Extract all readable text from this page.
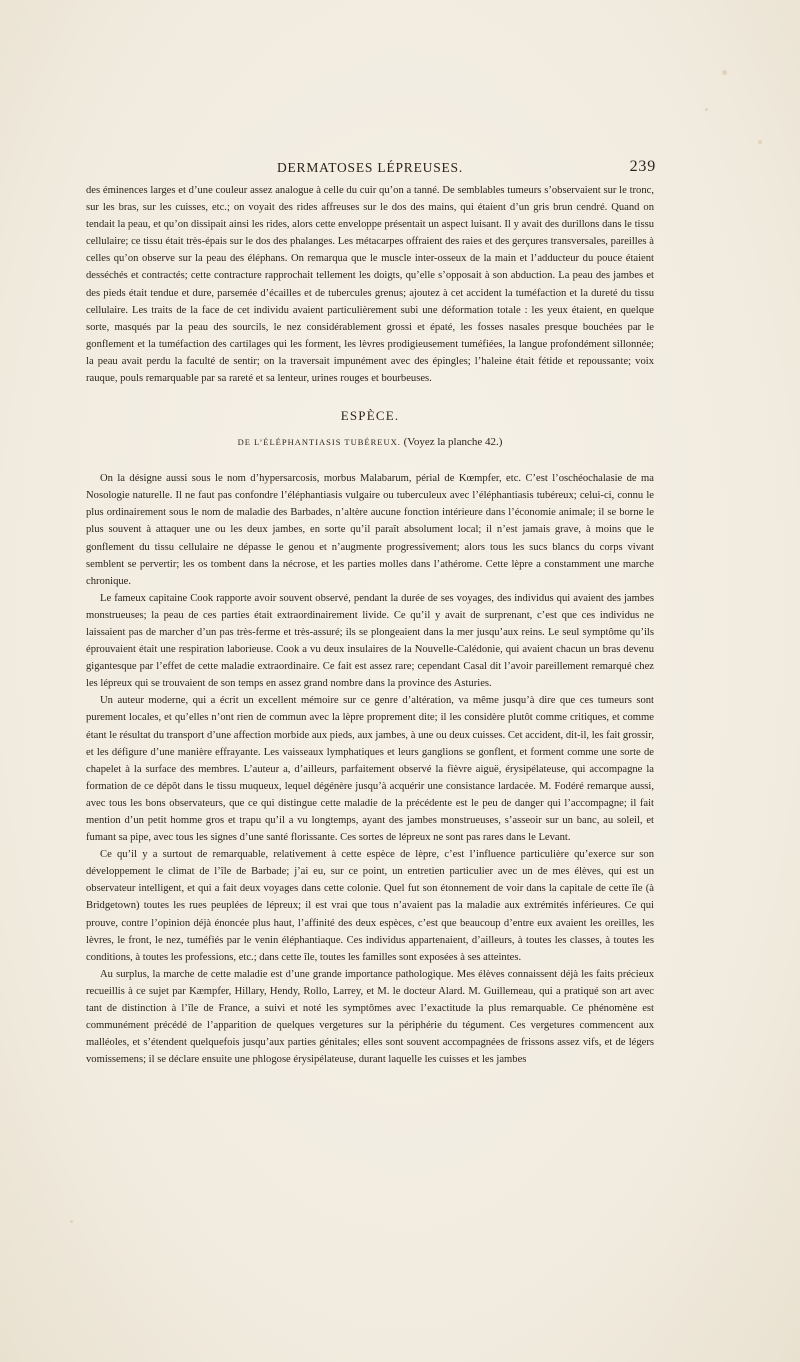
DERMATOSES LÉPREUSES.	239

des éminences larges et d’une couleur assez analogue à celle du cuir qu’on a tanné. De semblables tumeurs s’observaient sur le tronc, sur les bras, sur les cuisses, etc.; on voyait des rides affreuses sur le dos des mains, qui étaient d’un gris brun cendré. Quand on tendait la peau, et qu’on dissipait ainsi les rides, alors cette enveloppe présentait un aspect luisant. Il y avait des durillons dans le tissu cellulaire; ce tissu était très-épais sur le dos des phalanges. Les métacarpes offraient des raies et des gerçures transversales, pareilles à celles qu’on observe sur la peau des éléphans. On remarqua que le muscle inter-osseux de la main et l’adducteur du pouce étaient desséchés et contractés; cette contracture rapprochait tellement les doigts, qu’elle s’opposait à son abduction. La peau des jambes et des pieds était tendue et dure, parsemée d’écailles et de tubercules grenus; ajoutez à cet accident la tuméfaction et la dureté du tissu cellulaire. Les traits de la face de cet individu avaient particulièrement subi une déformation totale : les yeux étaient, en quelque sorte, masqués par la peau des sourcils, le nez considérablement grossi et épaté, les fosses nasales presque bouchées par le gonflement et la tuméfaction des cartilages qui les forment, les lèvres prodigieusement tuméfiées, la langue profondément sillonnée; la peau avait perdu la faculté de sentir; on la traversait impunément avec des épingles; l’haleine était fétide et repoussante; voix rauque, pouls remarquable par sa rareté et sa lenteur, urines rouges et bourbeuses.

ESPÈCE.
DE L’ÉLÉPHANTIASIS TUBÉREUX. (Voyez la planche 42.)

On la désigne aussi sous le nom d’hypersarcosis, morbus Malabarum, périal de Kœmpfer, etc. C’est l’oschéochalasie de ma Nosologie naturelle. Il ne faut pas confondre l’éléphantiasis vulgaire ou tuberculeux avec l’éléphantiasis tubéreux; celui-ci, connu le plus ordinairement sous le nom de maladie des Barbades, n’altère aucune fonction intérieure dans l’économie animale; il se borne le plus souvent à attaquer une ou les deux jambes, en sorte qu’il paraît absolument local; il n’est jamais grave, à moins que le gonflement du tissu cellulaire ne dépasse le genou et n’augmente progressivement; alors tous les sucs blancs du corps vivant semblent se pervertir; les os tombent dans la nécrose, et les parties molles dans l’athérome. Cette lèpre a constamment une marche chronique.

Le fameux capitaine Cook rapporte avoir souvent observé, pendant la durée de ses voyages, des individus qui avaient des jambes monstrueuses; la peau de ces parties était extraordinairement livide. Ce qu’il y avait de surprenant, c’est que ces individus ne laissaient pas de marcher d’un pas très-ferme et très-assuré; ils se plongeaient dans la mer jusqu’aux reins. Le seul symptôme qu’ils éprouvaient était une respiration laborieuse. Cook a vu deux insulaires de la Nouvelle-Calédonie, qui avaient chacun un bras devenu gigantesque par l’effet de cette maladie extraordinaire. Ce fait est assez rare; cependant Casal dit l’avoir pareillement remarqué chez les lépreux qui se trouvaient de son temps en assez grand nombre dans la province des Asturies.

Un auteur moderne, qui a écrit un excellent mémoire sur ce genre d’altération, va même jusqu’à dire que ces tumeurs sont purement locales, et qu’elles n’ont rien de commun avec la lèpre proprement dite; il les considère plutôt comme critiques, et comme étant le résultat du transport d’une affection morbide aux pieds, aux jambes, à une ou deux cuisses. Cet accident, dit-il, les fait grossir, et les défigure d’une manière effrayante. Les vaisseaux lymphatiques et leurs ganglions se gonflent, et forment comme une sorte de chapelet à la surface des membres. L’auteur a, d’ailleurs, parfaitement observé la fièvre aiguë, érysipélateuse, qui accompagne la formation de ce dépôt dans le tissu muqueux, lequel dégénère jusqu’à acquérir une consistance lardacée. M. Fodéré remarque aussi, avec tous les bons observateurs, que ce qui distingue cette maladie de la précédente est le peu de danger qui l’accompagne; il fait mention d’un petit homme gros et trapu qu’il a vu longtemps, ayant des jambes monstrueuses, s’asseoir sur un banc, au soleil, et fumant sa pipe, avec tous les signes d’une santé florissante. Ces sortes de lépreux ne sont pas rares dans le Levant.

Ce qu’il y a surtout de remarquable, relativement à cette espèce de lèpre, c’est l’influence particulière qu’exerce sur son développement le climat de l’île de Barbade; j’ai eu, sur ce point, un entretien particulier avec un de mes élèves, qui est un observateur intelligent, et qui a fait deux voyages dans cette colonie. Quel fut son étonnement de voir dans la capitale de cette île (à Bridgetown) toutes les rues peuplées de lépreux; il est vrai que tous n’avaient pas la maladie aux extrémités inférieures. Ce qui prouve, contre l’opinion déjà énoncée plus haut, l’affinité des deux espèces, c’est que beaucoup d’entre eux avaient les oreilles, les lèvres, le front, le nez, tuméfiés par le venin éléphantiaque. Ces individus appartenaient, d’ailleurs, à toutes les classes, à toutes les conditions, à toutes les professions, etc.; dans cette île, toutes les familles sont exposées à ses atteintes.

Au surplus, la marche de cette maladie est d’une grande importance pathologique. Mes élèves connaissent déjà les faits précieux recueillis à ce sujet par Kæmpfer, Hillary, Hendy, Rollo, Larrey, et M. le docteur Alard. M. Guillemeau, qui a pratiqué son art avec tant de distinction à l’île de France, a suivi et noté les symptômes avec l’exactitude la plus remarquable. Ce phénomène est communément précédé de l’apparition de quelques vergetures sur la périphérie du tégument. Ces vergetures commencent aux malléoles, et s’étendent quelquefois jusqu’aux parties génitales; elles sont souvent accompagnées de frissons assez vifs, et de légers vomissemens; il se déclare ensuite une phlogose érysipélateuse, durant laquelle les cuisses et les jambes
